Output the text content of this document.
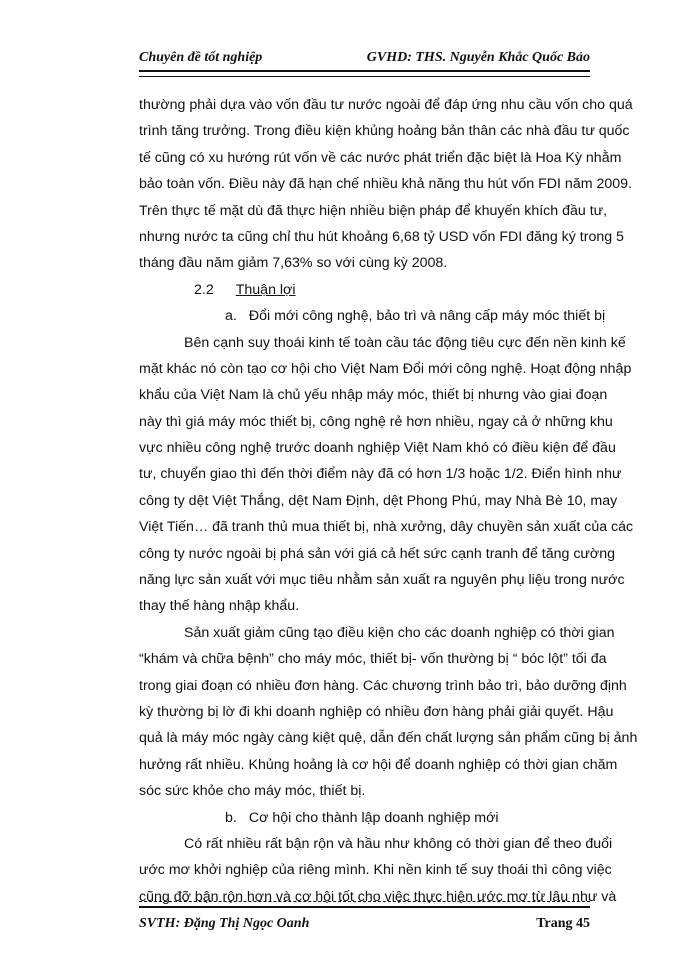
Chuyên đề tốt nghiệp	GVHD: THS. Nguyễn Khắc Quốc Bảo
thường phải dựa vào vốn đầu tư nước ngoài để đáp ứng nhu cầu vốn cho quá
trình tăng trưởng. Trong điều kiện khủng hoảng bản thân các nhà đầu tư quốc
tế cũng có xu hướng rút vốn về các nước phát triển đặc biệt là Hoa Kỳ nhằm
bảo toàn vốn. Điều này đã hạn chế nhiều khả năng thu hút vốn FDI năm 2009.
Trên thực tế mặt dù đã thực hiện nhiều biện pháp để khuyến khích đầu tư,
nhưng nước ta cũng chỉ thu hút khoảng 6,68 tỷ USD vốn FDI đăng ký trong 5
tháng đầu năm giảm 7,63% so với cùng kỳ 2008.
2.2 Thuận lợi
a. Đổi mới công nghệ, bảo trì và nâng cấp máy móc thiết bị
Bên cạnh suy thoái kinh tế toàn cầu tác động tiêu cực đến nền kinh kế
mặt khác nó còn tạo cơ hội cho Việt Nam Đổi mới công nghệ. Hoạt động nhập
khẩu của Việt Nam là chủ yếu nhập máy móc, thiết bị nhưng vào giai đoạn
này thì giá máy móc thiết bị, công nghệ rẻ hơn nhiều, ngay cả ở những khu
vực nhiều công nghệ trước doanh nghiệp Việt Nam khó có điều kiện để đầu
tư, chuyển giao thì đến thời điểm này đã có hơn 1/3 hoặc 1/2. Điển hình như
công ty dệt Việt Thắng, dệt Nam Định, dệt Phong Phú, may Nhà Bè 10, may
Việt Tiến… đã tranh thủ mua thiết bị, nhà xưởng, dây chuyền sản xuất của các
công ty nước ngoài bị phá sản với giá cả hết sức cạnh tranh để tăng cường
năng lực sản xuất với mục tiêu nhằm sản xuất ra nguyên phụ liệu trong nước
thay thế hàng nhập khẩu.
Sản xuất giảm cũng tạo điều kiện cho các doanh nghiệp có thời gian
“khám và chữa bệnh” cho máy móc, thiết bị- vốn thường bị “ bóc lột” tối đa
trong giai đoạn có nhiều đơn hàng. Các chương trình bảo trì, bảo dưỡng định
kỳ thường bị lờ đi khi doanh nghiệp có nhiều đơn hàng phải giải quyết. Hậu
quả là máy móc ngày càng kiệt quệ, dẫn đến chất lượng sản phẩm cũng bị ảnh
hưởng rất nhiều. Khủng hoảng là cơ hội để doanh nghiệp có thời gian chăm
sóc sức khỏe cho máy móc, thiết bị.
b. Cơ hội cho thành lập doanh nghiệp mới
Có rất nhiều rất bận rộn và hầu như không có thời gian để theo đuổi
ước mơ khởi nghiệp của riêng mình. Khi nền kinh tế suy thoái thì công việc
cũng đỡ bận rộn hơn và cơ hội tốt cho việc thực hiện ước mơ từ lâu như và
SVTH: Đặng Thị Ngọc Oanh	Trang 45
